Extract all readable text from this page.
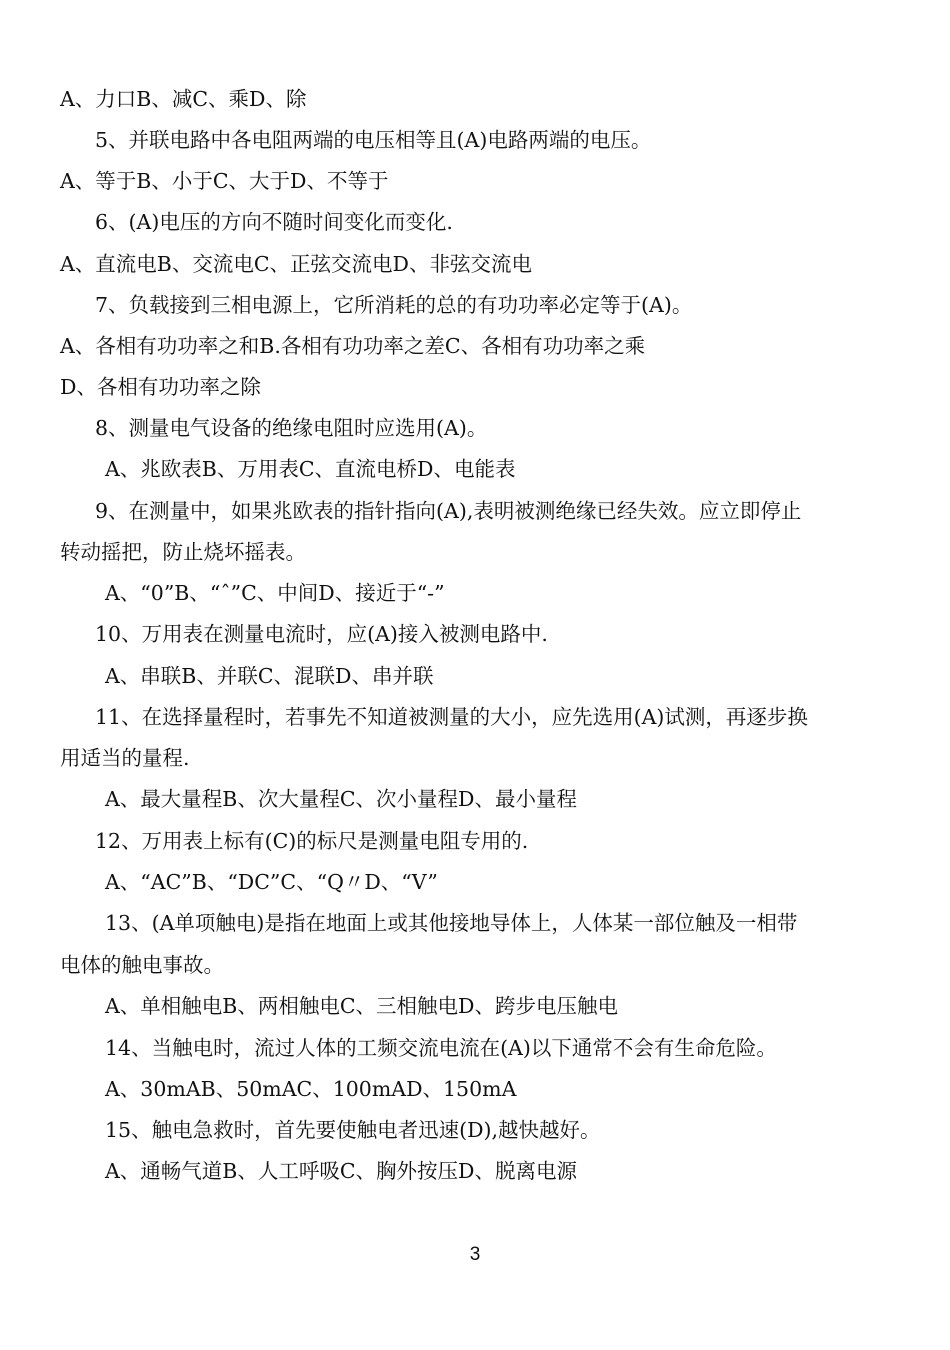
A、力口B、减C、乘D、除
5、并联电路中各电阻两端的电压相等且(A)电路两端的电压。
A、等于B、小于C、大于D、不等于
6、(A)电压的方向不随时间变化而变化.
A、直流电B、交流电C、正弦交流电D、非弦交流电
7、负载接到三相电源上，它所消耗的总的有功功率必定等于(A)。
A、各相有功功率之和B.各相有功功率之差C、各相有功功率之乘
D、各相有功功率之除
8、测量电气设备的绝缘电阻时应选用(A)。
A、兆欧表B、万用表C、直流电桥D、电能表
9、在测量中，如果兆欧表的指针指向(A),表明被测绝缘已经失效。应立即停止
转动摇把，防止烧坏摇表。
A、“0”B、“ˆ”C、中间D、接近于“-”
10、万用表在测量电流时，应(A)接入被测电路中.
A、串联B、并联C、混联D、串并联
11、在选择量程时，若事先不知道被测量的大小，应先选用(A)试测，再逐步换
用适当的量程.
A、最大量程B、次大量程C、次小量程D、最小量程
12、万用表上标有(C)的标尺是测量电阻专用的.
A、“AC”B、“DC”C、“Q〃D、“V”
13、(A单项触电)是指在地面上或其他接地导体上，人体某一部位触及一相带
电体的触电事故。
A、单相触电B、两相触电C、三相触电D、跨步电压触电
14、当触电时，流过人体的工频交流电流在(A)以下通常不会有生命危险。
A、30mAB、50mAC、100mAD、150mA
15、触电急救时，首先要使触电者迅速(D),越快越好。
A、通畅气道B、人工呼吸C、胸外按压D、脱离电源
3
